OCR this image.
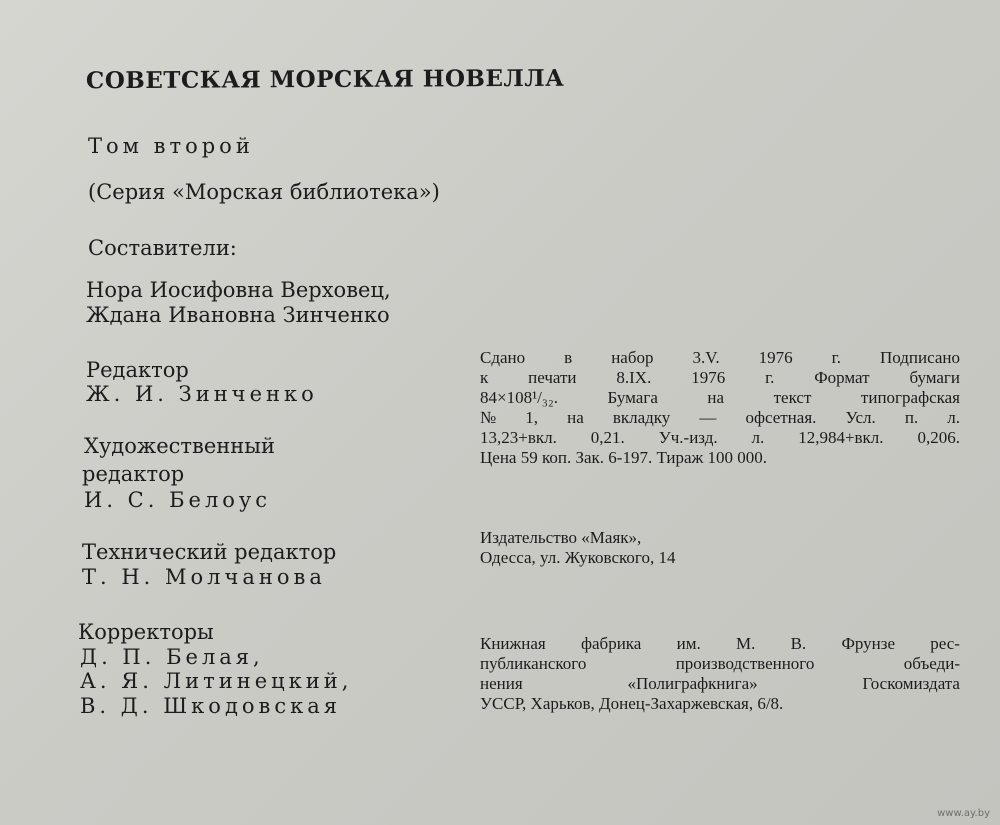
СОВЕТСКАЯ МОРСКАЯ НОВЕЛЛА
Том второй
(Серия «Морская библиотека»)
Составители:
Нора Иосифовна Верховец,
Ждана Ивановна Зинченко
Редактор
Ж. И. Зинченко
Художественный
редактор
И. С. Белоус
Технический редактор
Т. Н. Молчанова
Корректоры
Д. П. Белая,
А. Я. Литинецкий,
В. Д. Шкодовская
Сдано в набор 3.V. 1976 г. Подписано
к печати 8.IX. 1976 г. Формат бумаги
84×108¹/₃₂.	Бумага	на	текст	типографская
№ 1, на вкладку — офсетная. Усл. п. л.
13,23+вкл. 0,21. Уч.-изд. л. 12,984+вкл. 0,206.
Цена 59 коп. Зак. 6-197. Тираж 100 000.
Издательство «Маяк»,
Одесса, ул. Жуковского, 14
Книжная фабрика им. М. В. Фрунзе рес-
публиканского	производственного	объеди-
нения	«Полиграфкнига»	Госкомиздата
УССР, Харьков, Донец-Захаржевская, 6/8.
www.ay.by
